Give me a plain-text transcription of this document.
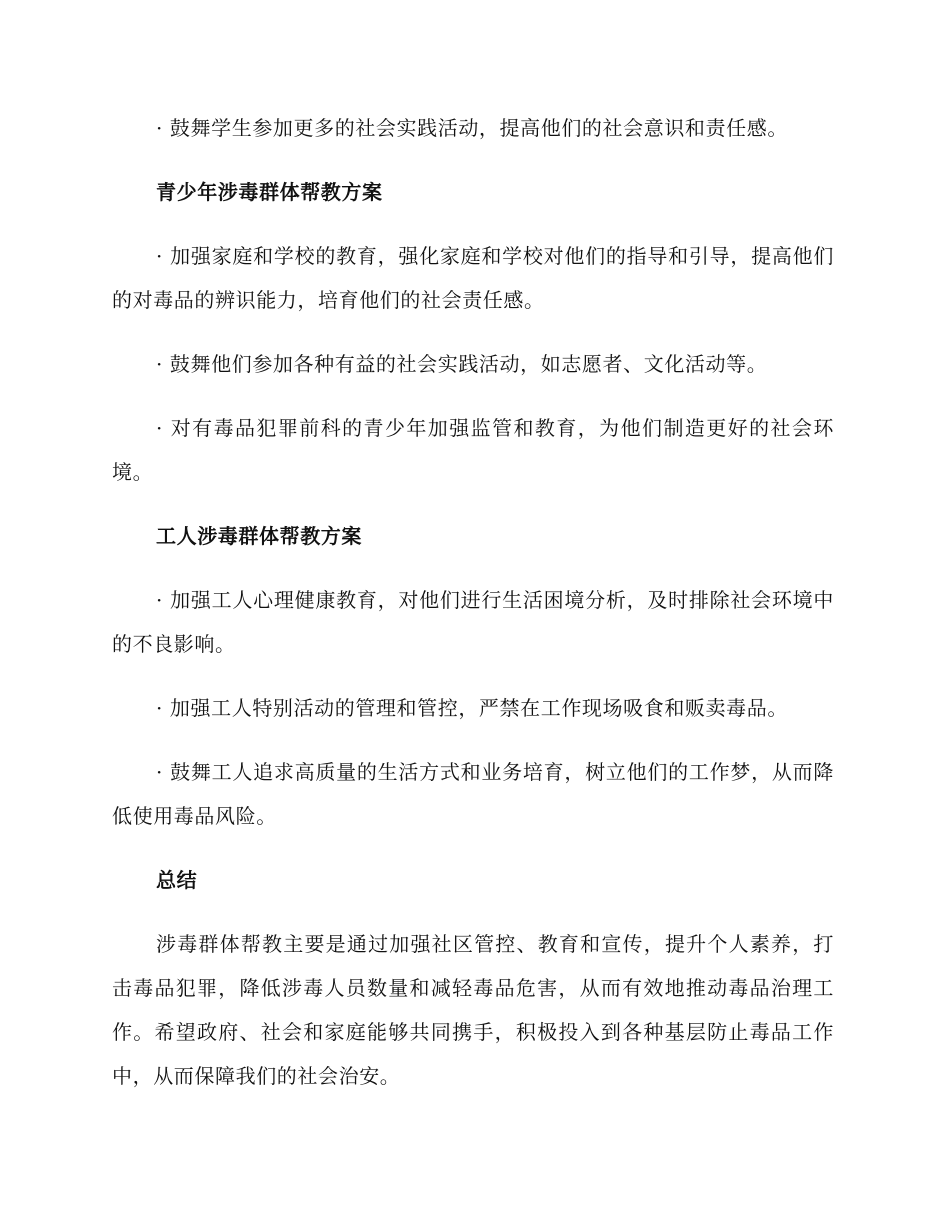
· 鼓舞学生参加更多的社会实践活动，提高他们的社会意识和责任感。

青少年涉毒群体帮教方案

· 加强家庭和学校的教育，强化家庭和学校对他们的指导和引导，提高他们的对毒品的辨识能力，培育他们的社会责任感。

· 鼓舞他们参加各种有益的社会实践活动，如志愿者、文化活动等。

· 对有毒品犯罪前科的青少年加强监管和教育，为他们制造更好的社会环境。

工人涉毒群体帮教方案

· 加强工人心理健康教育，对他们进行生活困境分析，及时排除社会环境中的不良影响。

· 加强工人特别活动的管理和管控，严禁在工作现场吸食和贩卖毒品。

· 鼓舞工人追求高质量的生活方式和业务培育，树立他们的工作梦，从而降低使用毒品风险。

总结

涉毒群体帮教主要是通过加强社区管控、教育和宣传，提升个人素养，打击毒品犯罪，降低涉毒人员数量和减轻毒品危害，从而有效地推动毒品治理工作。希望政府、社会和家庭能够共同携手，积极投入到各种基层防止毒品工作中，从而保障我们的社会治安。
